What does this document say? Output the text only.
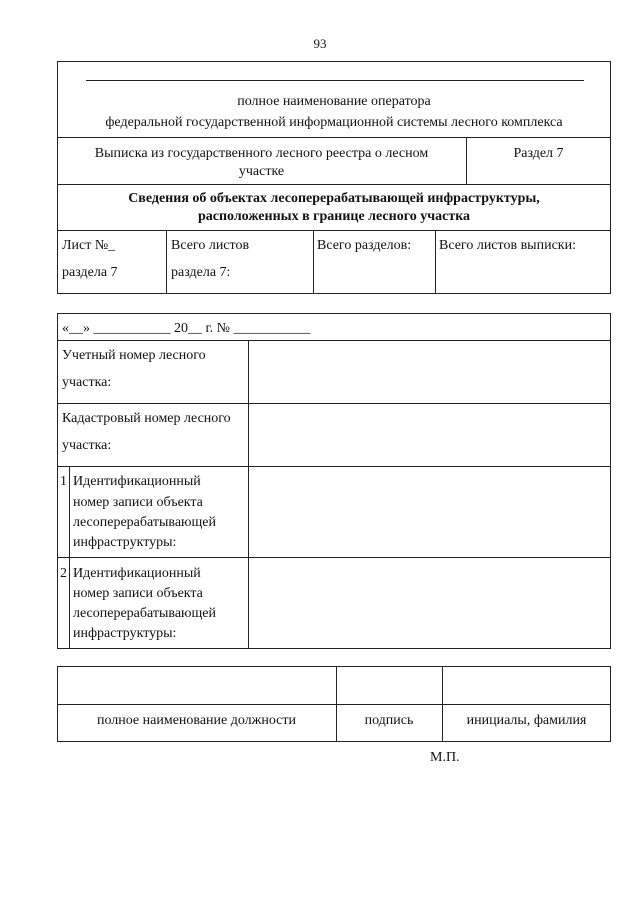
93
полное наименование оператора
федеральной государственной информационной системы лесного комплекса
Выписка из государственного лесного реестра о лесном
участке
Раздел 7
Сведения об объектах лесоперерабатывающей инфраструктуры,
расположенных в границе лесного участка
Лист №_
раздела 7
Всего листов
раздела 7:
Всего разделов: Всего листов выписки:
«__» ___________ 20__ г. № ___________
Учетный номер лесного
участка:
Кадастровый номер лесного
участка:
1 Идентификационный
номер записи объекта
лесоперерабатывающей
инфраструктуры:
2 Идентификационный
номер записи объекта
лесоперерабатывающей
инфраструктуры:
полное наименование должности	подпись	инициалы, фамилия
М.П.
